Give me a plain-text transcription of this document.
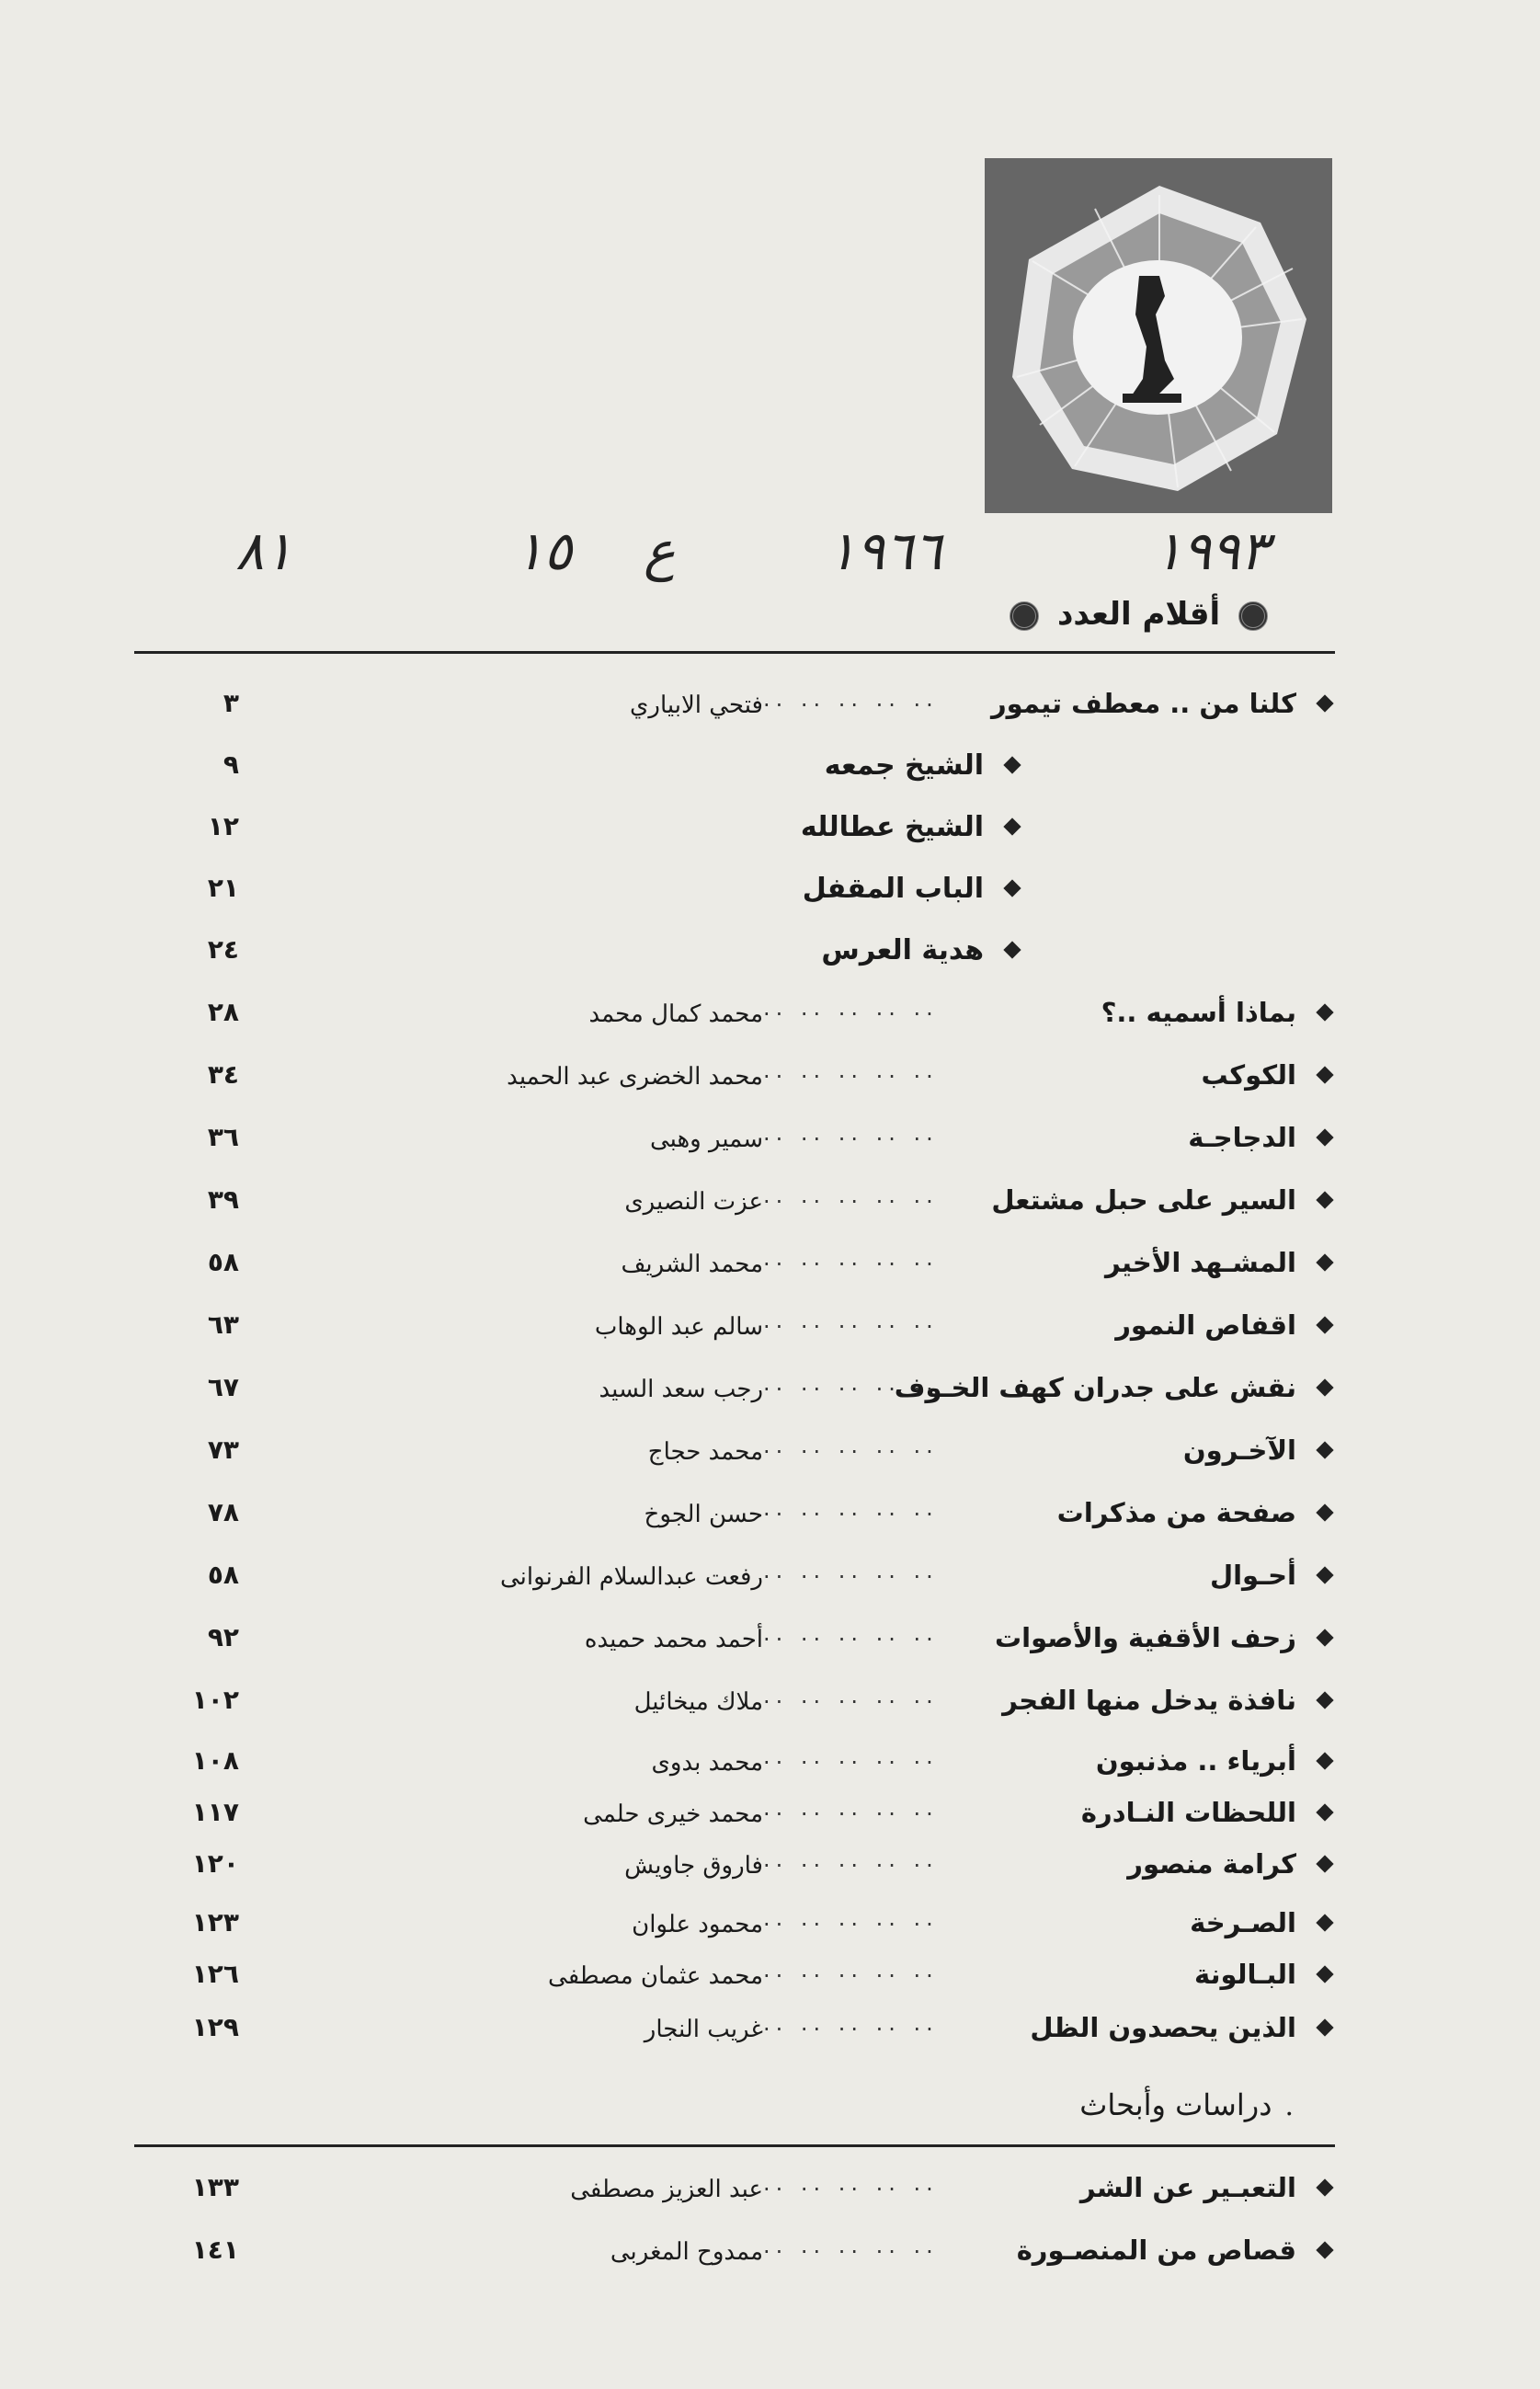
١٩٩٣
١٩٦٦
ع
١٥
٨١
أقلام العدد
كلنا من .. معطف تيمور
.. .. .. .. ..
فتحي الابياري
٣
الشيخ جمعه
٩
الشيخ عطالله
١٢
الباب المقفل
٢١
هدية العرس
٢٤
بماذا أسميه ..؟
.. .. .. .. ..
محمد كمال محمد
٢٨
الكوكب
.. .. .. .. ..
محمد الخضرى عبد الحميد
٣٤
الدجاجـة
.. .. .. .. ..
سمير وهبى
٣٦
السير على حبل مشتعل
.. .. .. .. ..
عزت النصيرى
٣٩
المشـهد الأخير
.. .. .. .. ..
محمد الشريف
٥٨
اقفاص النمور
.. .. .. .. ..
سالم عبد الوهاب
٦٣
نقش على جدران كهف الخـوف
.. .. .. .. ..
رجب سعد السيد
٦٧
الآخـرون
.. .. .. .. ..
محمد حجاج
٧٣
صفحة من مذكرات
.. .. .. .. ..
حسن الجوخ
٧٨
أحـوال
.. .. .. .. ..
رفعت عبدالسلام الفرنوانى
٥٨
زحف الأقفية والأصوات
.. .. .. .. ..
أحمد محمد حميده
٩٢
نافذة يدخل منها الفجر
.. .. .. .. ..
ملاك ميخائيل
١٠٢
أبرياء .. مذنبون
.. .. .. .. ..
محمد بدوى
١٠٨
اللحظات النـادرة
.. .. .. .. ..
محمد خيرى حلمى
١١٧
كرامة منصور
.. .. .. .. ..
فاروق جاويش
١٢٠
الصـرخة
.. .. .. .. ..
محمود علوان
١٢٣
البـالونة
.. .. .. .. ..
محمد عثمان مصطفى
١٢٦
الذين يحصدون الظل
.. .. .. .. ..
غريب النجار
١٢٩
.دراسات وأبحاث
التعبـير عن الشر
.. .. .. .. ..
عبد العزيز مصطفى
١٣٣
قصاص من المنصـورة
.. .. .. .. ..
ممدوح المغربى
١٤١
